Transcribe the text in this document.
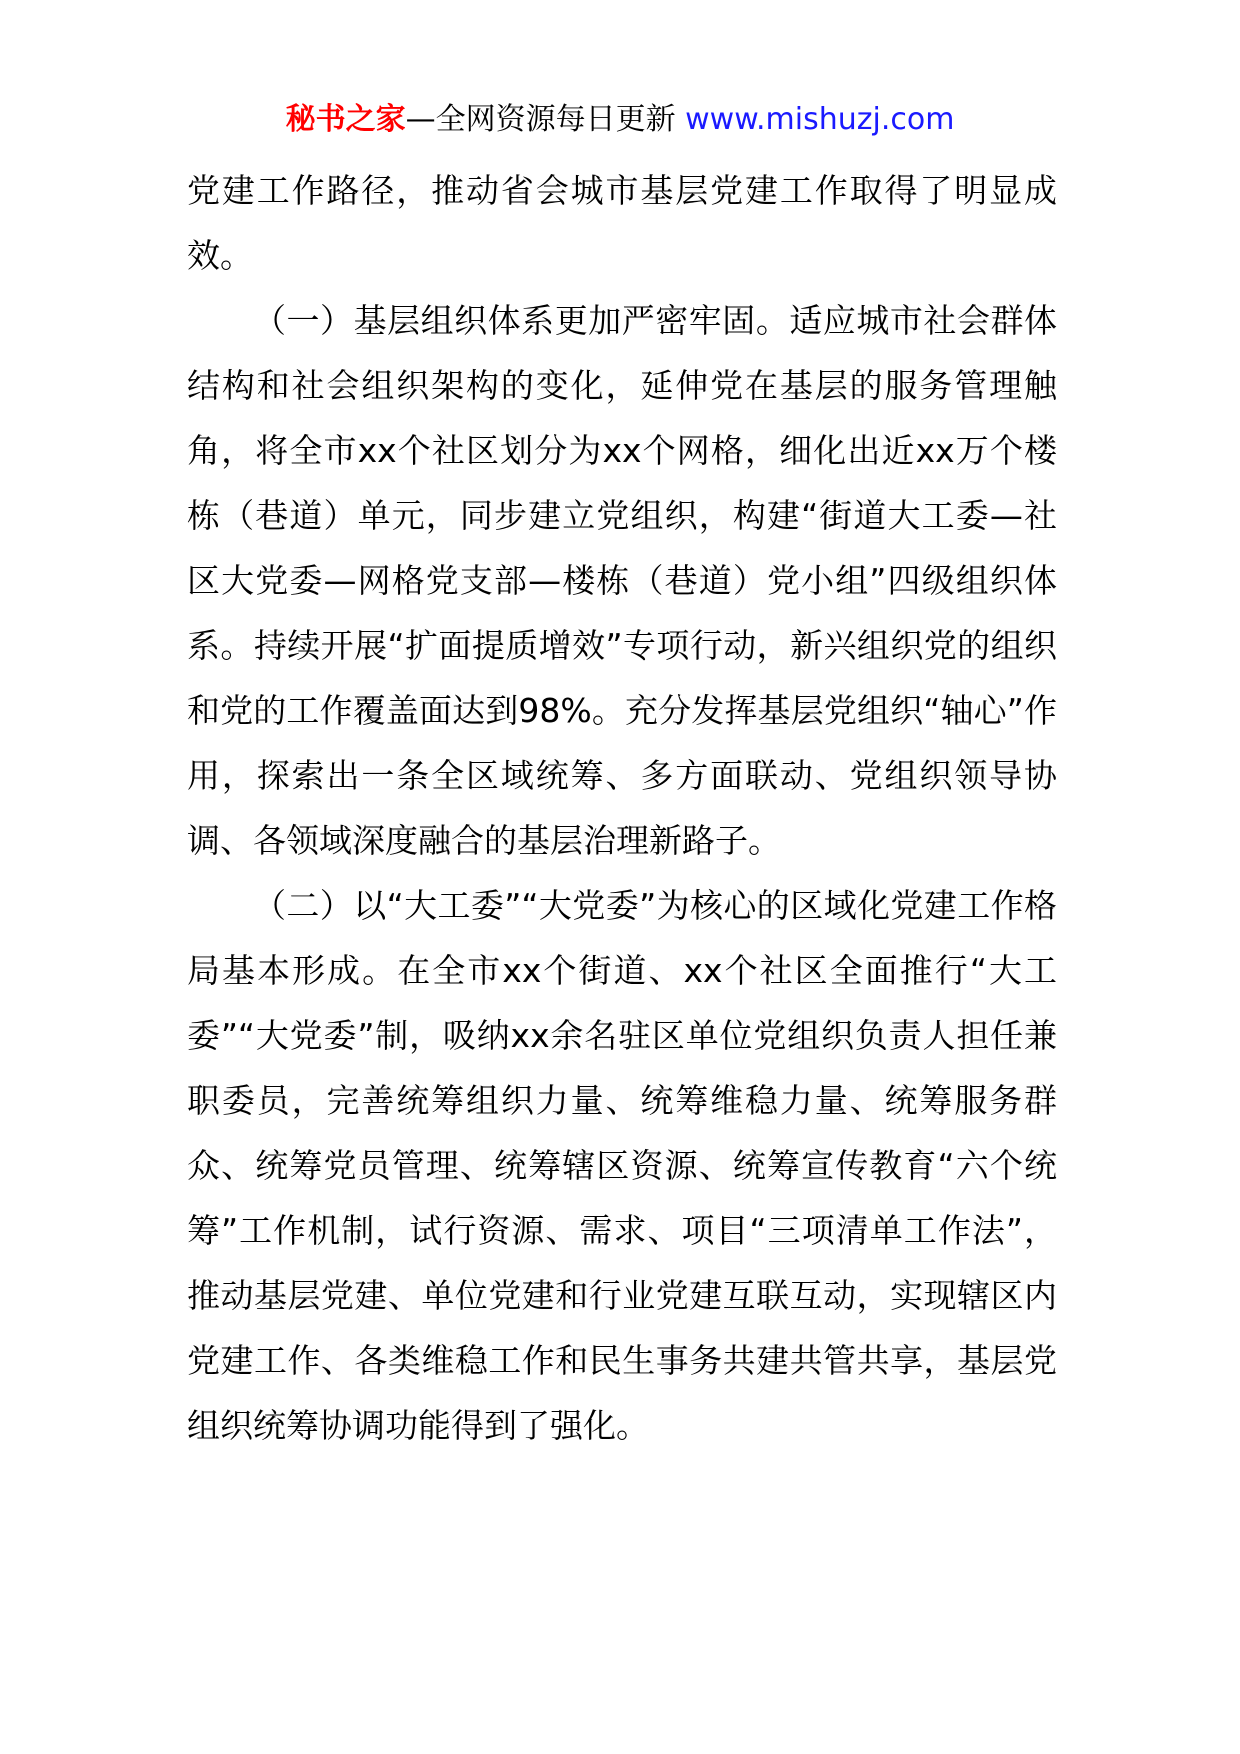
秘书之家—全网资源每日更新 www.mishuzj.com

党建工作路径，推动省会城市基层党建工作取得了明显成效。

（一）基层组织体系更加严密牢固。适应城市社会群体结构和社会组织架构的变化，延伸党在基层的服务管理触角，将全市xx个社区划分为xx个网格，细化出近xx万个楼栋（巷道）单元，同步建立党组织，构建“街道大工委—社区大党委—网格党支部—楼栋（巷道）党小组”四级组织体系。持续开展“扩面提质增效”专项行动，新兴组织党的组织和党的工作覆盖面达到98%。充分发挥基层党组织“轴心”作用，探索出一条全区域统筹、多方面联动、党组织领导协调、各领域深度融合的基层治理新路子。

（二）以“大工委”“大党委”为核心的区域化党建工作格局基本形成。在全市xx个街道、xx个社区全面推行“大工委”“大党委”制，吸纳xx余名驻区单位党组织负责人担任兼职委员，完善统筹组织力量、统筹维稳力量、统筹服务群众、统筹党员管理、统筹辖区资源、统筹宣传教育“六个统筹”工作机制，试行资源、需求、项目“三项清单工作法”，推动基层党建、单位党建和行业党建互联互动，实现辖区内党建工作、各类维稳工作和民生事务共建共管共享，基层党组织统筹协调功能得到了强化。
